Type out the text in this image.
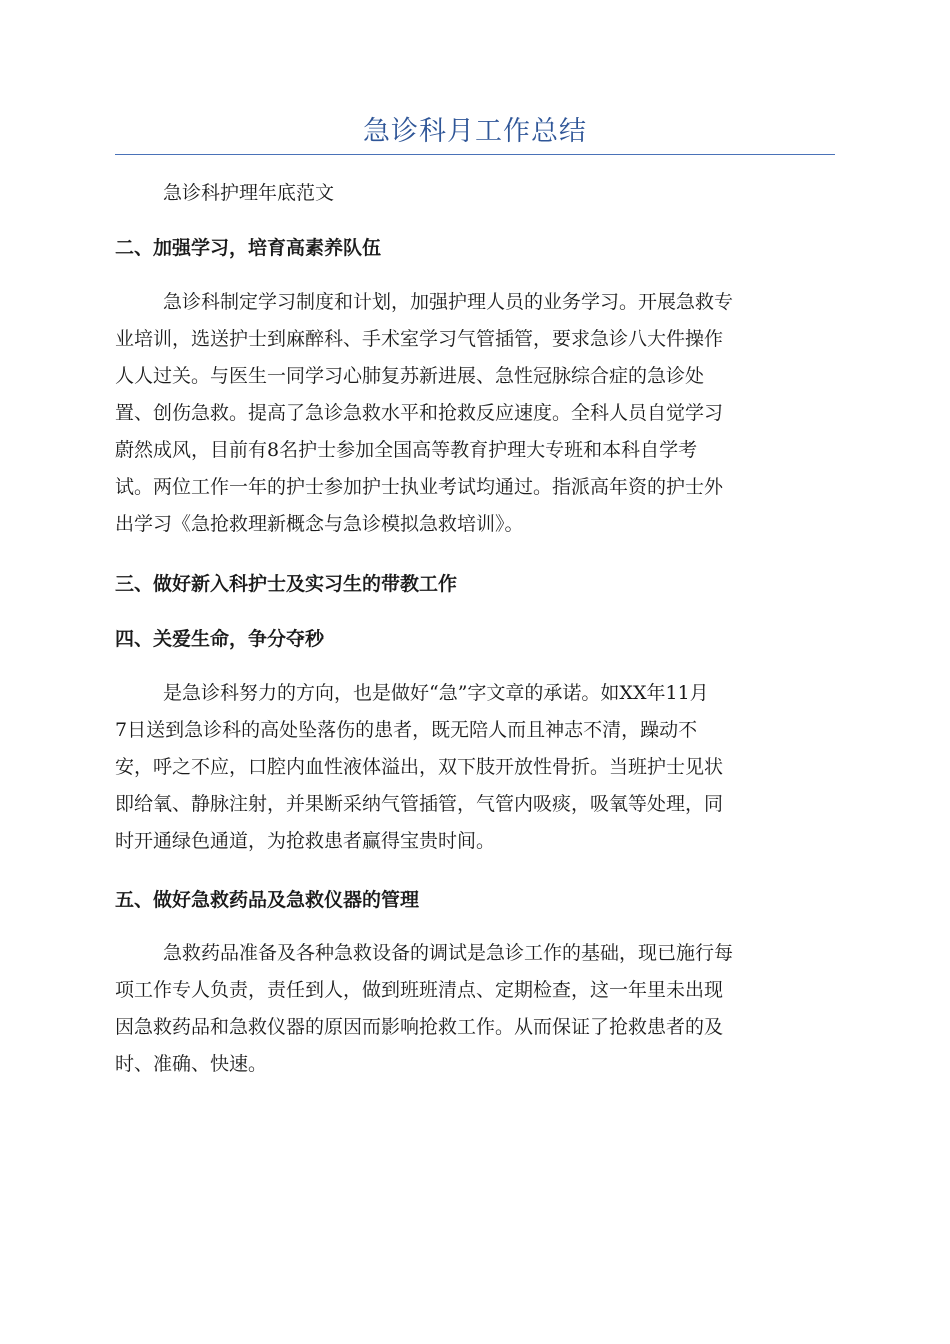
急诊科月工作总结
急诊科护理年底范文
二、加强学习，培育高素养队伍
急诊科制定学习制度和计划，加强护理人员的业务学习。开展急救专
业培训，选送护士到麻醉科、手术室学习气管插管，要求急诊八大件操作
人人过关。与医生一同学习心肺复苏新进展、急性冠脉综合症的急诊处
置、创伤急救。提高了急诊急救水平和抢救反应速度。全科人员自觉学习
蔚然成风，目前有8名护士参加全国高等教育护理大专班和本科自学考
试。两位工作一年的护士参加护士执业考试均通过。指派高年资的护士外
出学习《急抢救理新概念与急诊模拟急救培训》。
三、做好新入科护士及实习生的带教工作
四、关爱生命，争分夺秒
是急诊科努力的方向，也是做好“急”字文章的承诺。如XX年11月
7日送到急诊科的高处坠落伤的患者，既无陪人而且神志不清，躁动不
安，呼之不应，口腔内血性液体溢出，双下肢开放性骨折。当班护士见状
即给氧、静脉注射，并果断采纳气管插管，气管内吸痰，吸氧等处理，同
时开通绿色通道，为抢救患者赢得宝贵时间。
五、做好急救药品及急救仪器的管理
急救药品准备及各种急救设备的调试是急诊工作的基础，现已施行每
项工作专人负责，责任到人，做到班班清点、定期检查，这一年里未出现
因急救药品和急救仪器的原因而影响抢救工作。从而保证了抢救患者的及
时、准确、快速。
